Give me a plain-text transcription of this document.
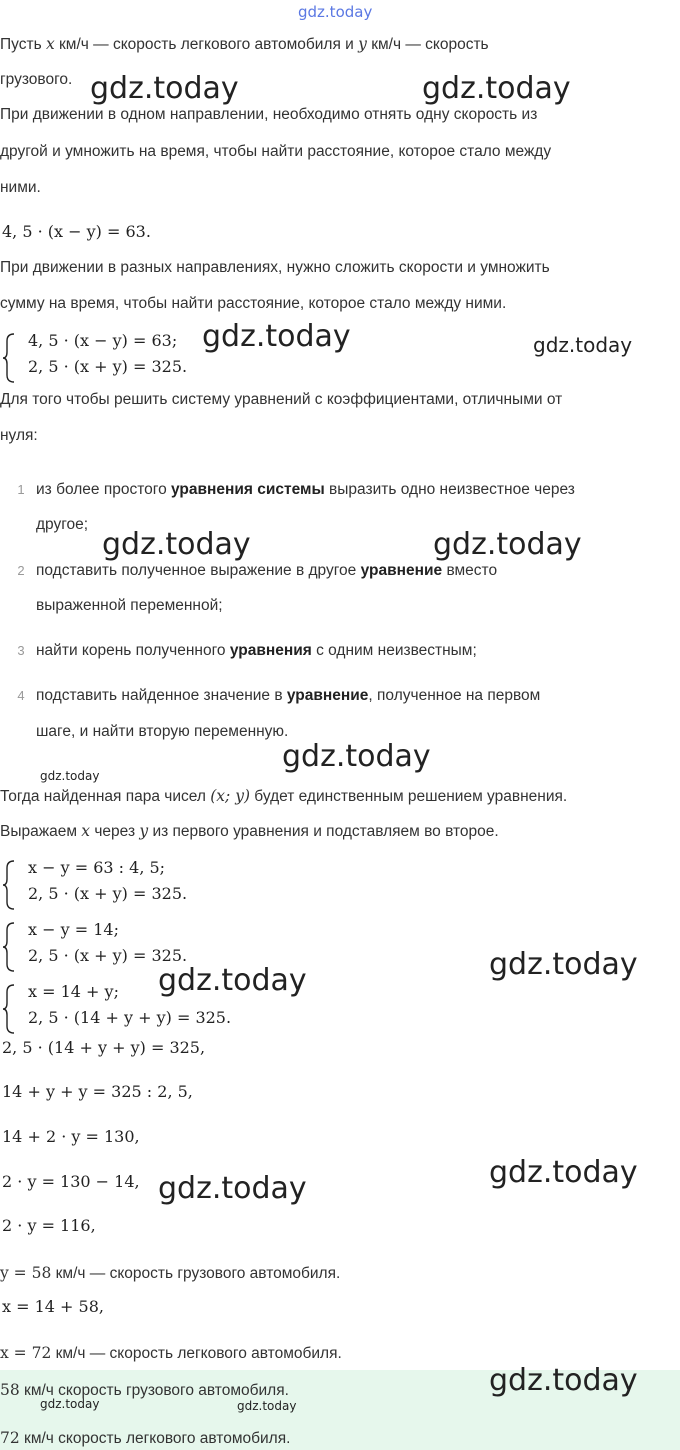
gdz.today
Пусть x км/ч — скорость легкового автомобиля и y км/ч — скорость
грузового.
При движении в одном направлении, необходимо отнять одну скорость из
другой и умножить на время, чтобы найти расстояние, которое стало между
ними.
4, 5 · (x − y) = 63.
При движении в разных направлениях, нужно сложить скорости и умножить
сумму на время, чтобы найти расстояние, которое стало между ними.
4, 5 · (x − y) = 63;
2, 5 · (x + y) = 325.
Для того чтобы решить систему уравнений с коэффициентами, отличными от
нуля:
1 из более простого уравнения системы выразить одно неизвестное через
другое;
2 подставить полученное выражение в другое уравнение вместо
выраженной переменной;
3 найти корень полученного уравнения с одним неизвестным;
4 подставить найденное значение в уравнение, полученное на первом
шаге, и найти вторую переменную.
Тогда найденная пара чисел (x; y) будет единственным решением уравнения.
Выражаем x через y из первого уравнения и подставляем во второе.
x − y = 63 : 4, 5;
2, 5 · (x + y) = 325.
x − y = 14;
2, 5 · (x + y) = 325.
x = 14 + y;
2, 5 · (14 + y + y) = 325.
2, 5 · (14 + y + y) = 325,
14 + y + y = 325 : 2, 5,
14 + 2 · y = 130,
2 · y = 130 − 14,
2 · y = 116,
y = 58 км/ч — скорость грузового автомобиля.
x = 14 + 58,
x = 72 км/ч — скорость легкового автомобиля.
58 км/ч скорость грузового автомобиля.
72 км/ч скорость легкового автомобиля.
gdz.today	gdz.today
gdz.today	gdz.today
gdz.today	gdz.today
gdz.today
gdz.today
gdz.today
gdz.today
gdz.today
gdz.today
gdz.today
gdz.today	gdz.today
